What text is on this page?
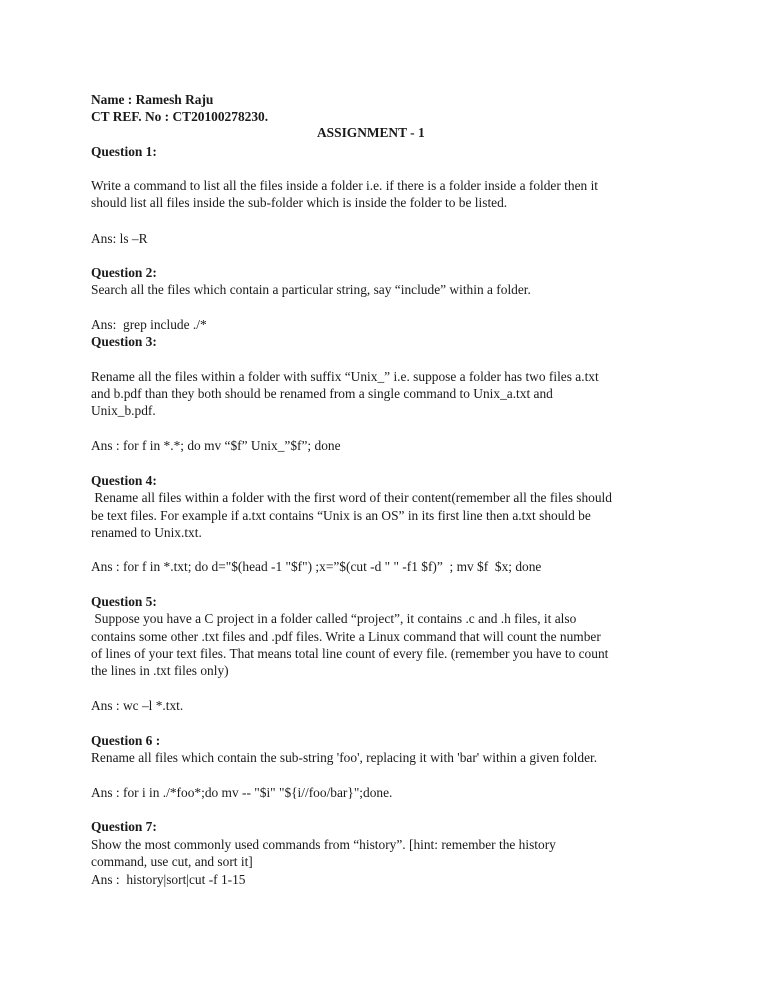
Name : Ramesh Raju
CT REF. No : CT20100278230.
ASSIGNMENT - 1
Question 1:
Write a command to list all the files inside a folder i.e. if there is a folder inside a folder then it
should list all files inside the sub-folder which is inside the folder to be listed.
Ans: ls –R
Question 2:
Search all the files which contain a particular string, say “include” within a folder.
Ans:  grep include ./*
Question 3:
Rename all the files within a folder with suffix “Unix_” i.e. suppose a folder has two files a.txt
and b.pdf than they both should be renamed from a single command to Unix_a.txt and
Unix_b.pdf.
Ans : for f in *.*; do mv “$f” Unix_”$f”; done
Question 4:
Rename all files within a folder with the first word of their content(remember all the files should
be text files. For example if a.txt contains “Unix is an OS” in its first line then a.txt should be
renamed to Unix.txt.
Ans : for f in *.txt; do d="$(head -1 "$f") ;x=”$(cut -d " " -f1 $f)”  ; mv $f  $x; done
Question 5:
Suppose you have a C project in a folder called “project”, it contains .c and .h files, it also
contains some other .txt files and .pdf files. Write a Linux command that will count the number
of lines of your text files. That means total line count of every file. (remember you have to count
the lines in .txt files only)
Ans : wc –l *.txt.
Question 6 :
Rename all files which contain the sub-string 'foo', replacing it with 'bar' within a given folder.
Ans : for i in ./*foo*;do mv -- "$i" "${i//foo/bar}";done.
Question 7:
Show the most commonly used commands from “history”. [hint: remember the history
command, use cut, and sort it]
Ans :  history|sort|cut -f 1-15
